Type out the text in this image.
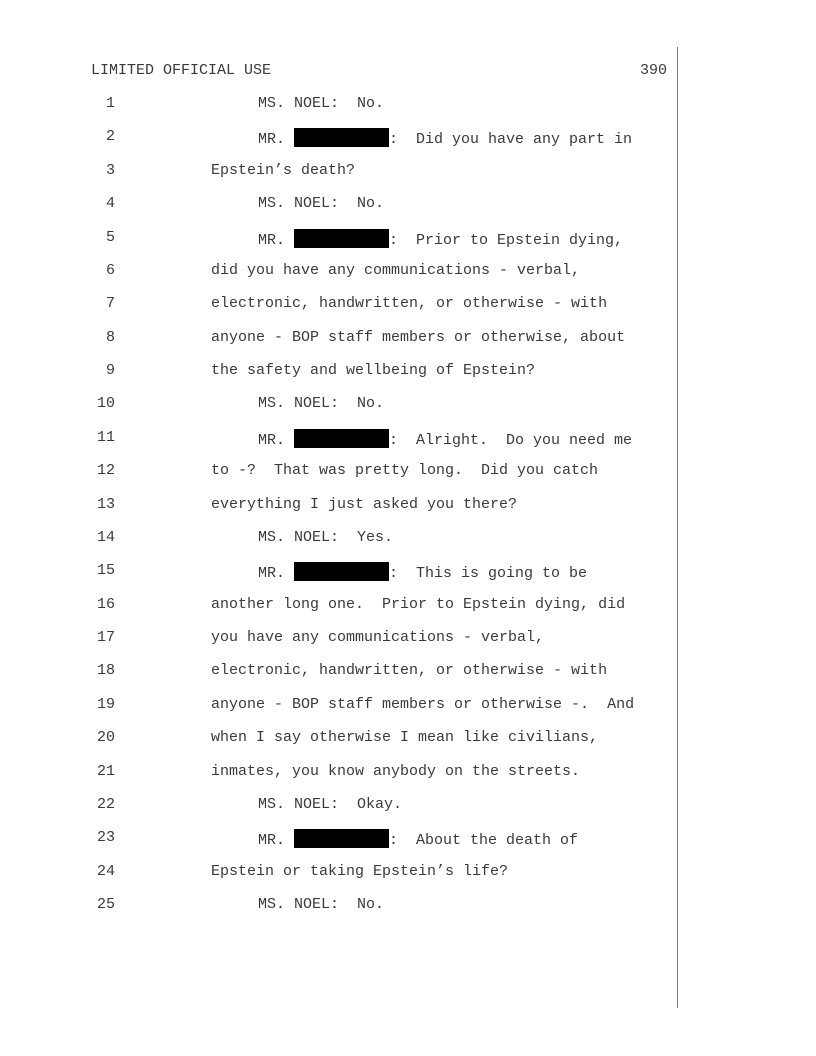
LIMITED OFFICIAL USE	390
1	MS. NOEL:  No.
2	MR.	:  Did you have any part in
3	Epstein’s death?
4	MS. NOEL:  No.
5	MR.	:  Prior to Epstein dying,
6	did you have any communications - verbal,
7	electronic, handwritten, or otherwise - with
8	anyone - BOP staff members or otherwise, about
9	the safety and wellbeing of Epstein?
10	MS. NOEL:  No.
11	MR.	:  Alright.  Do you need me
12	to -?  That was pretty long.  Did you catch
13	everything I just asked you there?
14	MS. NOEL:  Yes.
15	MR.	:  This is going to be
16	another long one.  Prior to Epstein dying, did
17	you have any communications - verbal,
18	electronic, handwritten, or otherwise - with
19	anyone - BOP staff members or otherwise -.  And
20	when I say otherwise I mean like civilians,
21	inmates, you know anybody on the streets.
22	MS. NOEL:  Okay.
23	MR.	:  About the death of
24	Epstein or taking Epstein’s life?
25	MS. NOEL:  No.
